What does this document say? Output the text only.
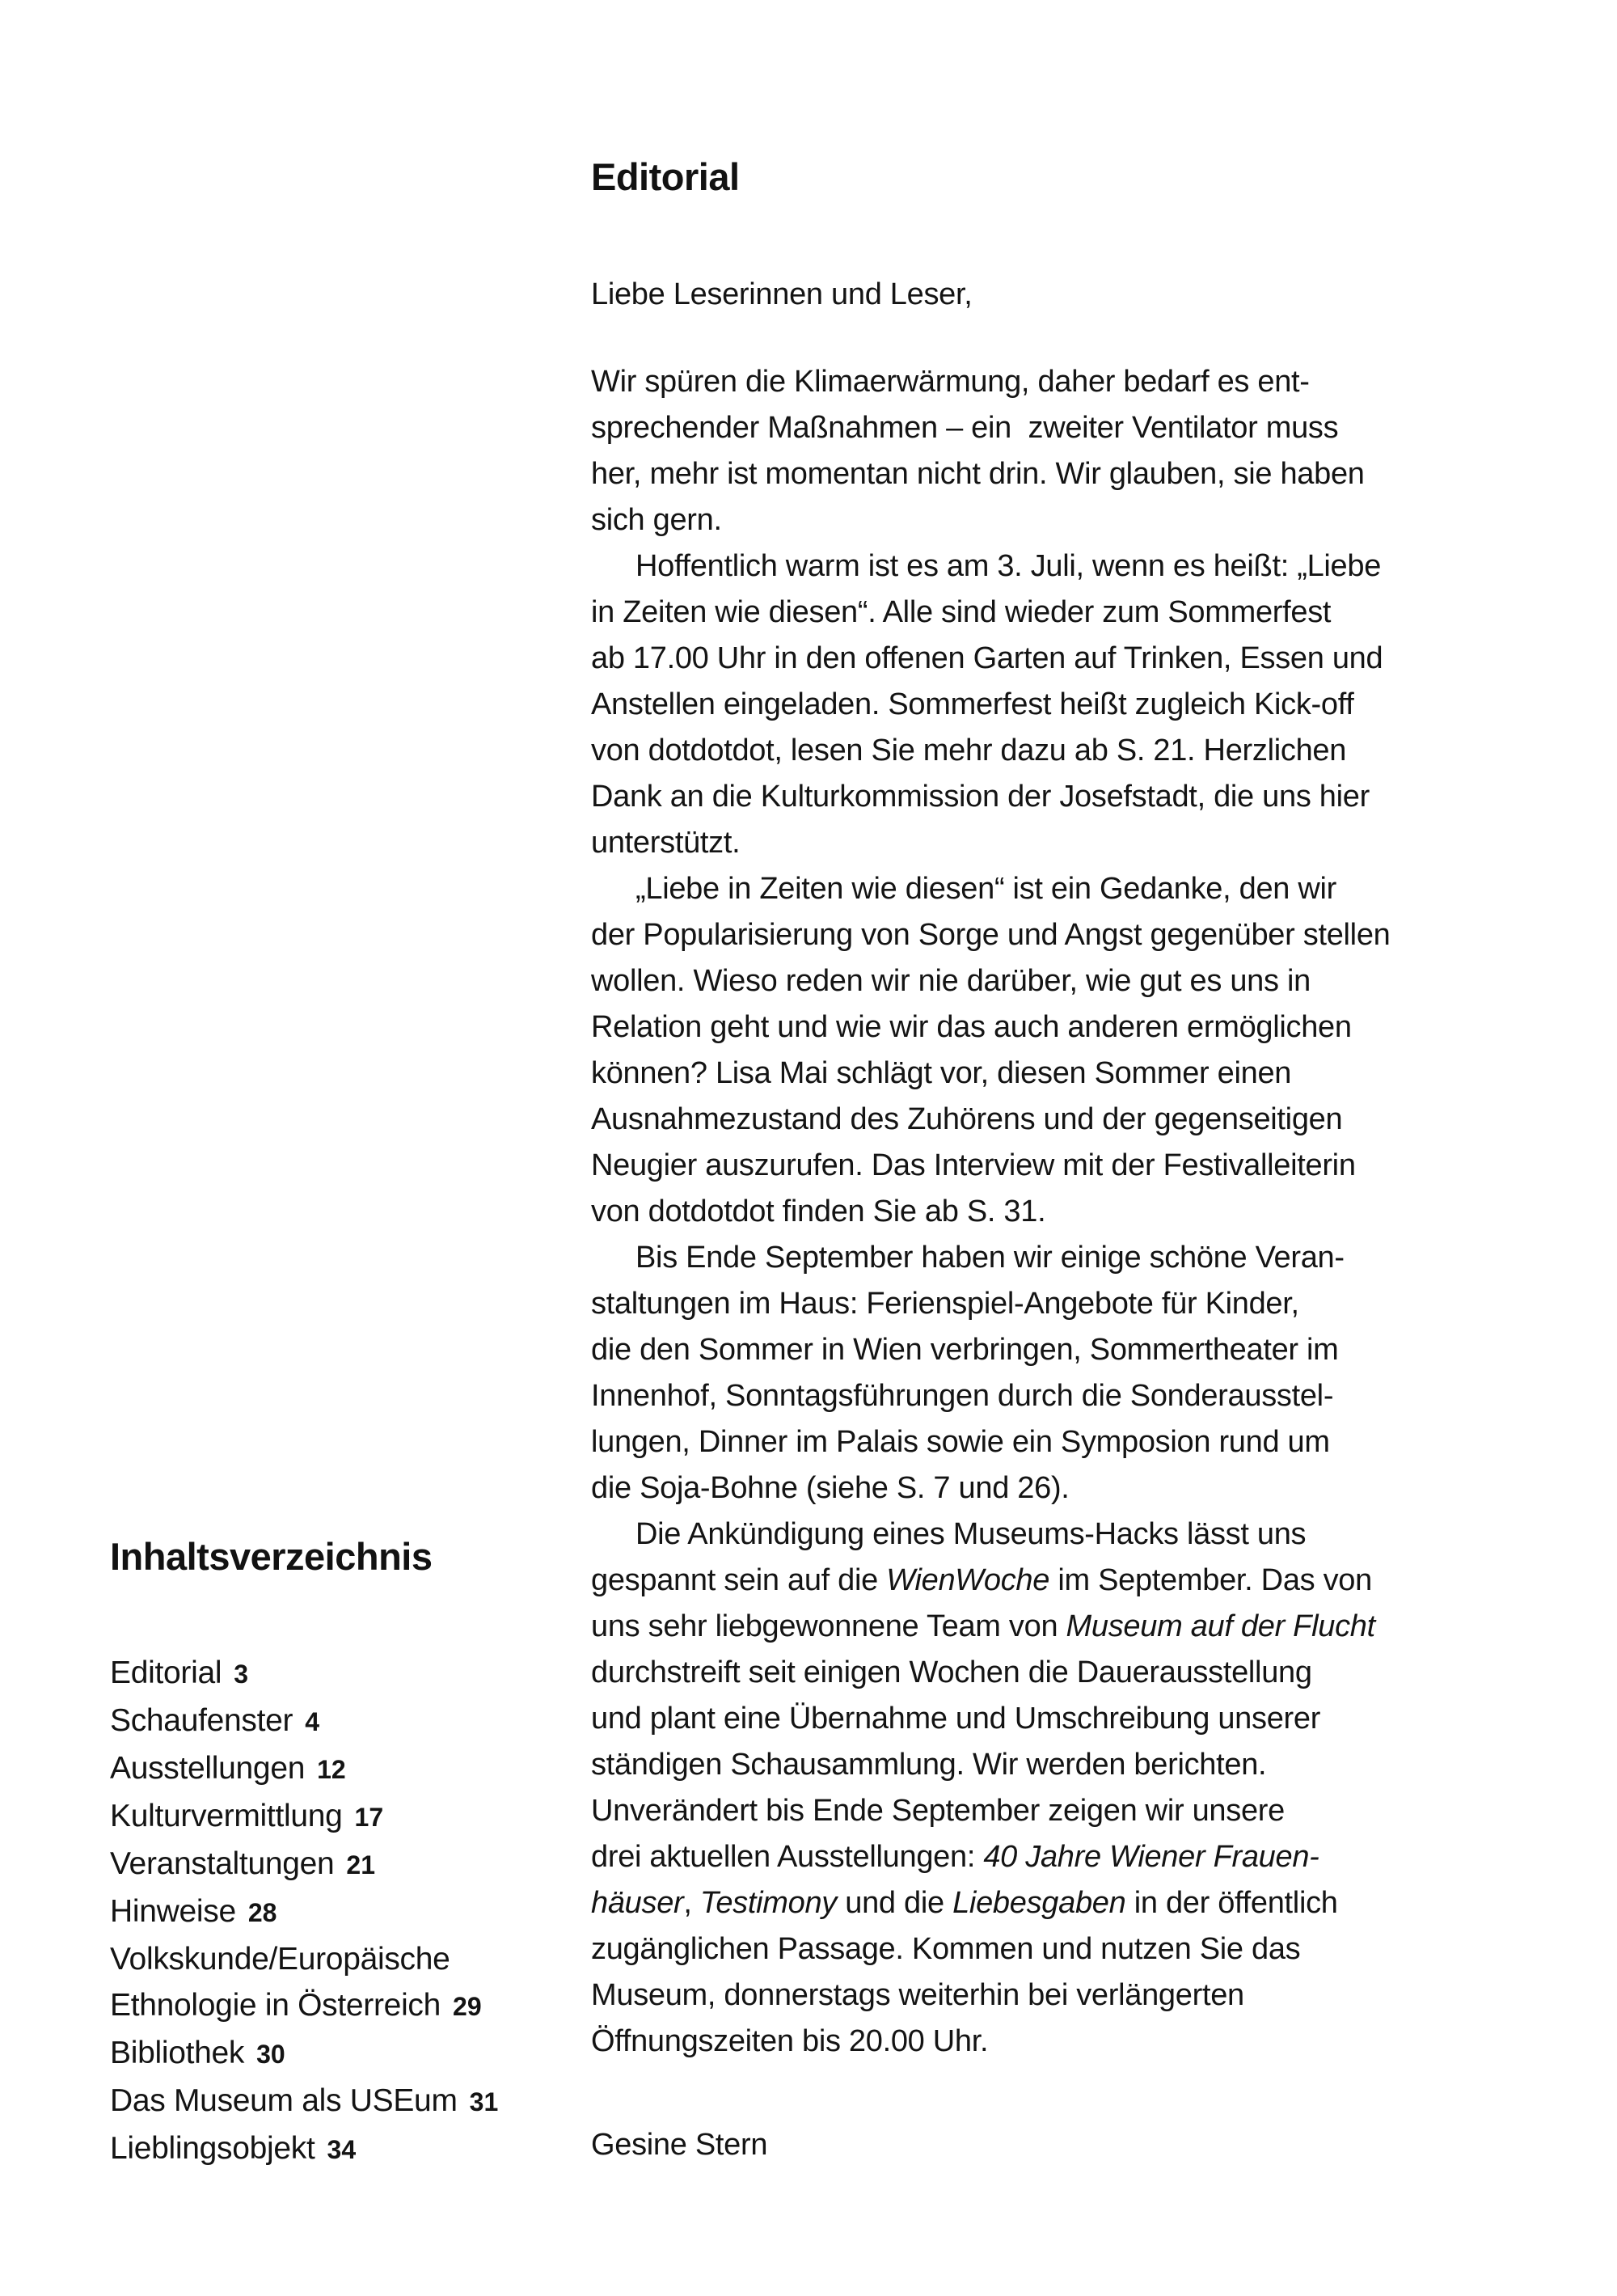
Inhaltsverzeichnis
Editorial 3
Schaufenster 4
Ausstellungen 12
Kulturvermittlung 17
Veranstaltungen 21
Hinweise 28
Volkskunde/Europäische
Ethnologie in Österreich 29
Bibliothek 30
Das Museum als USEum 31
Lieblingsobjekt 34
Editorial

Liebe Leserinnen und Leser,

Wir spüren die Klimaerwärmung, daher bedarf es ent-
sprechender Maßnahmen – ein  zweiter Ventilator muss
her, mehr ist momentan nicht drin. Wir glauben, sie haben
sich gern.
Hoffentlich warm ist es am 3. Juli, wenn es heißt: „Liebe
in Zeiten wie diesen“. Alle sind wieder zum Sommerfest
ab 17.00 Uhr in den offenen Garten auf Trinken, Essen und
Anstellen eingeladen. Sommerfest heißt zugleich Kick-off
von dotdotdot, lesen Sie mehr dazu ab S. 21. Herzlichen
Dank an die Kulturkommission der Josefstadt, die uns hier
unterstützt.
„Liebe in Zeiten wie diesen“ ist ein Gedanke, den wir
der Popularisierung von Sorge und Angst gegenüber stellen
wollen. Wieso reden wir nie darüber, wie gut es uns in
Relation geht und wie wir das auch anderen ermöglichen
können? Lisa Mai schlägt vor, diesen Sommer einen
Ausnahmezustand des Zuhörens und der gegenseitigen
Neugier auszurufen. Das Interview mit der Festivalleiterin
von dotdotdot finden Sie ab S. 31.
Bis Ende September haben wir einige schöne Veran-
staltungen im Haus: Ferienspiel-Angebote für Kinder,
die den Sommer in Wien verbringen, Sommertheater im
Innenhof, Sonntagsführungen durch die Sonderausstel-
lungen, Dinner im Palais sowie ein Symposion rund um
die Soja-Bohne (siehe S. 7 und 26).
Die Ankündigung eines Museums-Hacks lässt uns
gespannt sein auf die WienWoche im September. Das von
uns sehr liebgewonnene Team von Museum auf der Flucht
durchstreift seit einigen Wochen die Dauerausstellung
und plant eine Übernahme und Umschreibung unserer
ständigen Schausammlung. Wir werden berichten.
Unverändert bis Ende September zeigen wir unsere
drei aktuellen Ausstellungen: 40 Jahre Wiener Frauen-
häuser, Testimony und die Liebesgaben in der öffentlich
zugänglichen Passage. Kommen und nutzen Sie das
Museum, donnerstags weiterhin bei verlängerten
Öffnungszeiten bis 20.00 Uhr.

Gesine Stern
